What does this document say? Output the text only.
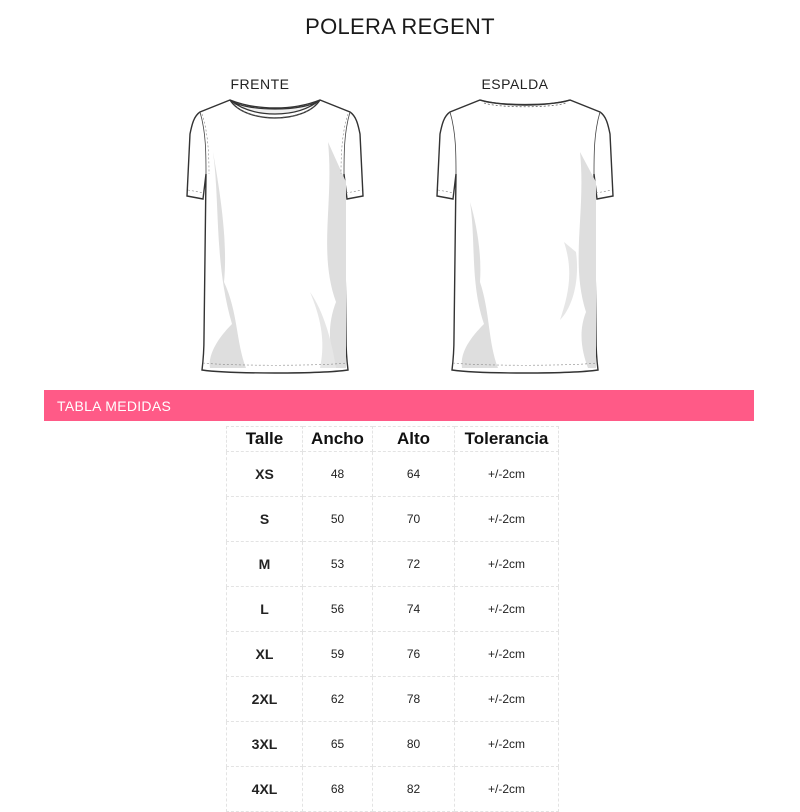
POLERA REGENT
FRENTE	ESPALDA
TABLA MEDIDAS
Talle	Ancho	Alto	Tolerancia
XS	48	64	+/-2cm
S	50	70	+/-2cm
M	53	72	+/-2cm
L	56	74	+/-2cm
XL	59	76	+/-2cm
2XL	62	78	+/-2cm
3XL	65	80	+/-2cm
4XL	68	82	+/-2cm
